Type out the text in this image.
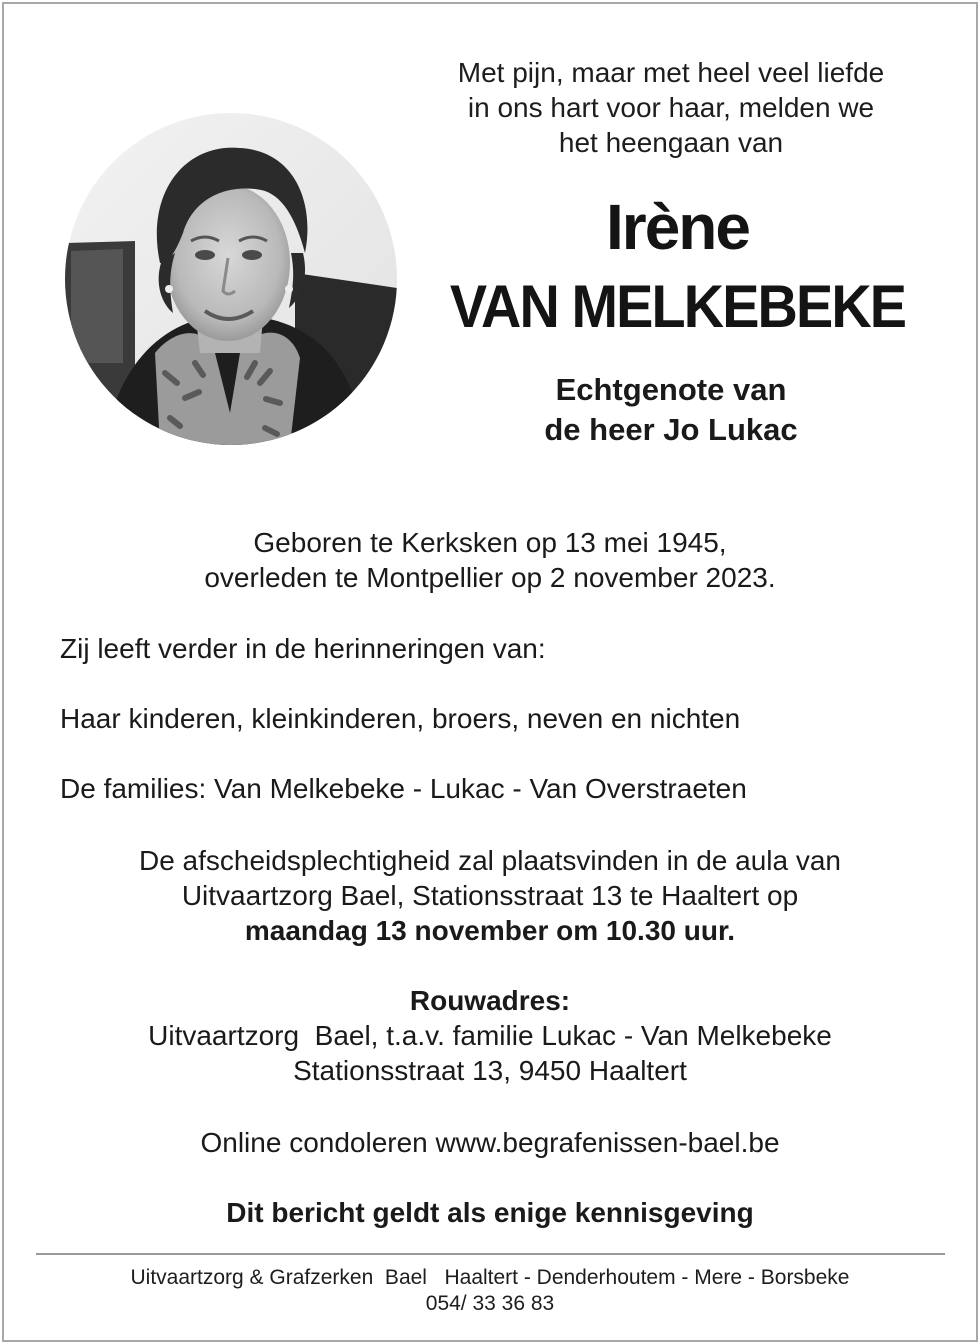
Met pijn, maar met heel veel liefde
in ons hart voor haar, melden we
het heengaan van
Irène
VAN MELKEBEKE
Echtgenote van
de heer Jo Lukac
Geboren te Kerksken op 13 mei 1945,
overleden te Montpellier op 2 november 2023.
Zij leeft verder in de herinneringen van:
Haar kinderen, kleinkinderen, broers, neven en nichten
De families: Van Melkebeke - Lukac - Van Overstraeten
De afscheidsplechtigheid zal plaatsvinden in de aula van
Uitvaartzorg Bael, Stationsstraat 13 te Haaltert op
maandag 13 november om 10.30 uur.
Rouwadres:
Uitvaartzorg  Bael, t.a.v. familie Lukac - Van Melkebeke
Stationsstraat 13, 9450 Haaltert
Online condoleren www.begrafenissen-bael.be
Dit bericht geldt als enige kennisgeving
Uitvaartzorg & Grafzerken  Bael   Haaltert - Denderhoutem - Mere - Borsbeke
054/ 33 36 83
